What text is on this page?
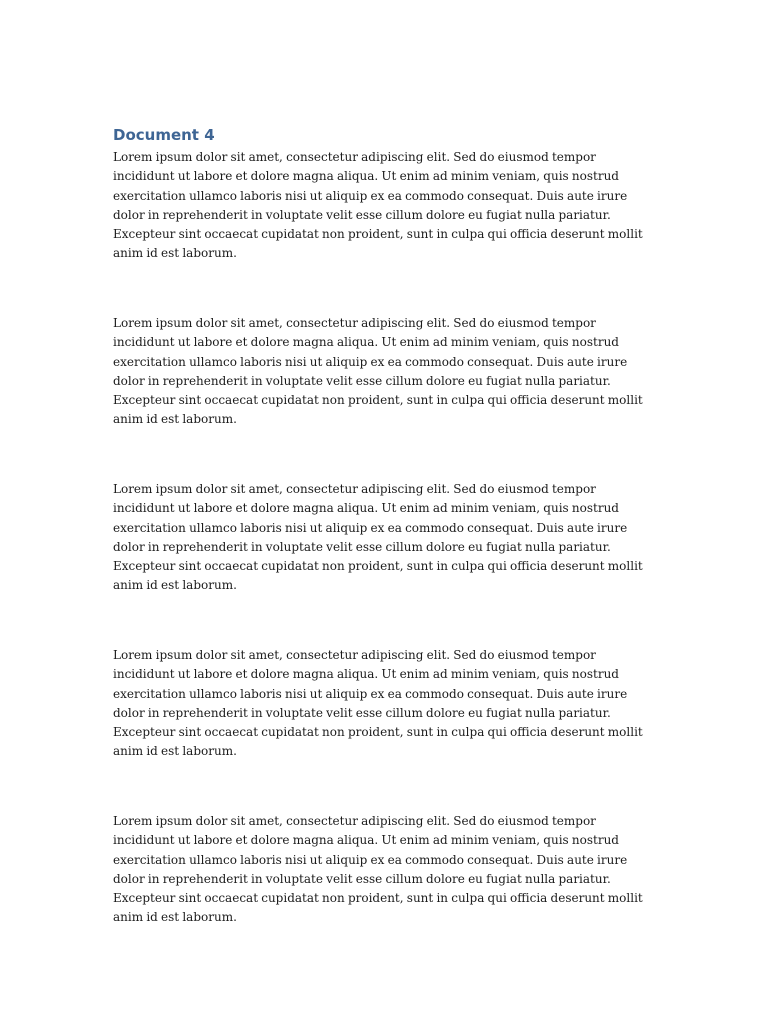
Document 4

Lorem ipsum dolor sit amet, consectetur adipiscing elit. Sed do eiusmod tempor incididunt ut labore et dolore magna aliqua. Ut enim ad minim veniam, quis nostrud exercitation ullamco laboris nisi ut aliquip ex ea commodo consequat. Duis aute irure dolor in reprehenderit in voluptate velit esse cillum dolore eu fugiat nulla pariatur. Excepteur sint occaecat cupidatat non proident, sunt in culpa qui officia deserunt mollit anim id est laborum.

Lorem ipsum dolor sit amet, consectetur adipiscing elit. Sed do eiusmod tempor incididunt ut labore et dolore magna aliqua. Ut enim ad minim veniam, quis nostrud exercitation ullamco laboris nisi ut aliquip ex ea commodo consequat. Duis aute irure dolor in reprehenderit in voluptate velit esse cillum dolore eu fugiat nulla pariatur. Excepteur sint occaecat cupidatat non proident, sunt in culpa qui officia deserunt mollit anim id est laborum.

Lorem ipsum dolor sit amet, consectetur adipiscing elit. Sed do eiusmod tempor incididunt ut labore et dolore magna aliqua. Ut enim ad minim veniam, quis nostrud exercitation ullamco laboris nisi ut aliquip ex ea commodo consequat. Duis aute irure dolor in reprehenderit in voluptate velit esse cillum dolore eu fugiat nulla pariatur. Excepteur sint occaecat cupidatat non proident, sunt in culpa qui officia deserunt mollit anim id est laborum.

Lorem ipsum dolor sit amet, consectetur adipiscing elit. Sed do eiusmod tempor incididunt ut labore et dolore magna aliqua. Ut enim ad minim veniam, quis nostrud exercitation ullamco laboris nisi ut aliquip ex ea commodo consequat. Duis aute irure dolor in reprehenderit in voluptate velit esse cillum dolore eu fugiat nulla pariatur. Excepteur sint occaecat cupidatat non proident, sunt in culpa qui officia deserunt mollit anim id est laborum.

Lorem ipsum dolor sit amet, consectetur adipiscing elit. Sed do eiusmod tempor incididunt ut labore et dolore magna aliqua. Ut enim ad minim veniam, quis nostrud exercitation ullamco laboris nisi ut aliquip ex ea commodo consequat. Duis aute irure dolor in reprehenderit in voluptate velit esse cillum dolore eu fugiat nulla pariatur. Excepteur sint occaecat cupidatat non proident, sunt in culpa qui officia deserunt mollit anim id est laborum.
